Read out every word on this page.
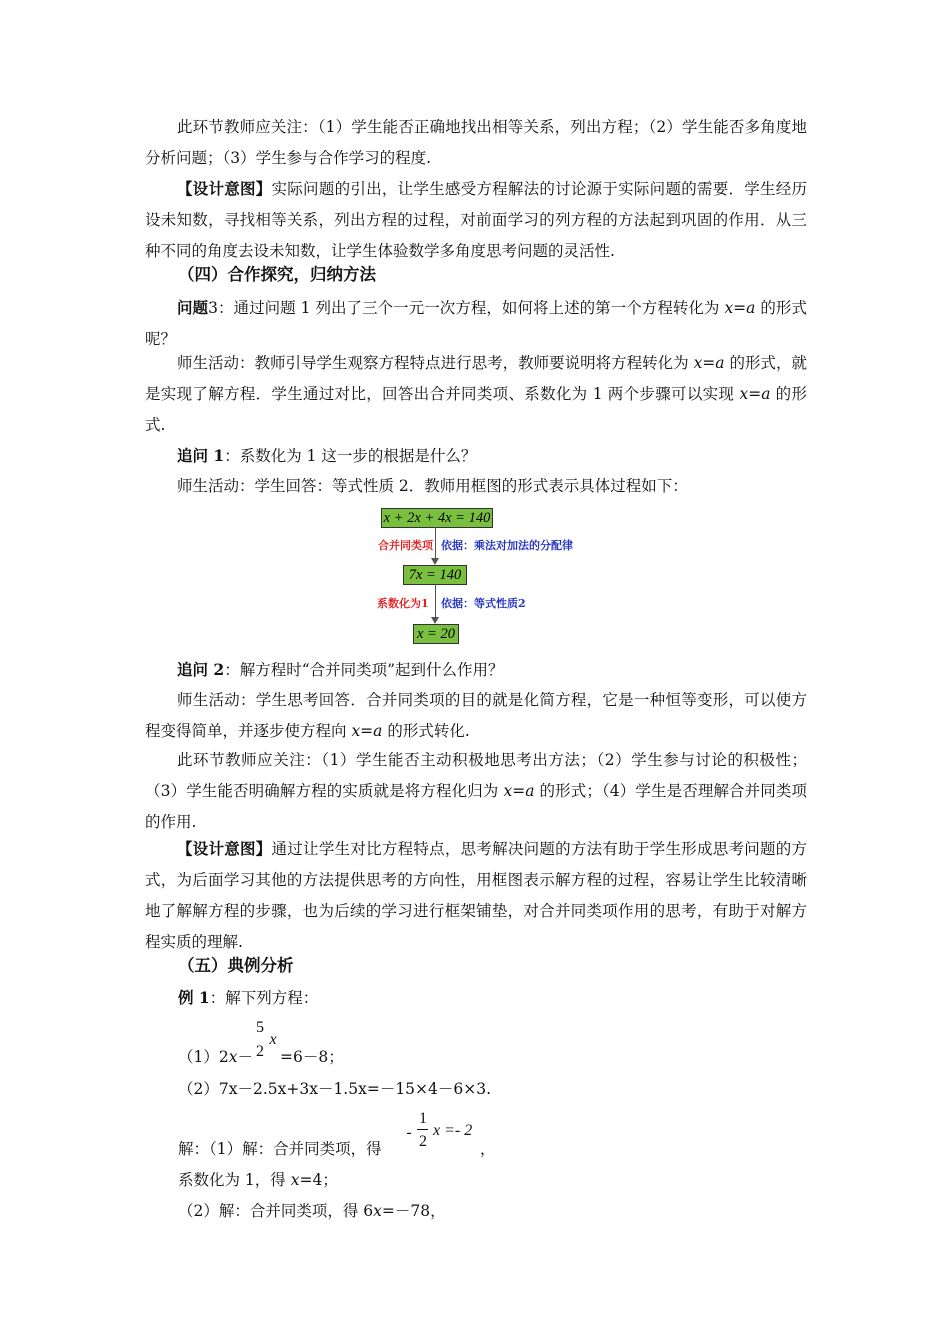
此环节教师应关注：（1）学生能否正确地找出相等关系，列出方程；（2）学生能否多角度地分析问题；（3）学生参与合作学习的程度.
【设计意图】实际问题的引出，让学生感受方程解法的讨论源于实际问题的需要．学生经历设未知数，寻找相等关系，列出方程的过程，对前面学习的列方程的方法起到巩固的作用．从三种不同的角度去设未知数，让学生体验数学多角度思考问题的灵活性.
（四）合作探究，归纳方法
问题3：通过问题 1 列出了三个一元一次方程，如何将上述的第一个方程转化为 x=a 的形式呢？
师生活动：教师引导学生观察方程特点进行思考，教师要说明将方程转化为 x=a 的形式，就是实现了解方程．学生通过对比，回答出合并同类项、系数化为 1 两个步骤可以实现 x=a 的形式.
追问 1：系数化为 1 这一步的根据是什么？
师生活动：学生回答：等式性质 2．教师用框图的形式表示具体过程如下：
x + 2x + 4x = 140
合并同类项 依据：乘法对加法的分配律
7x = 140
系数化为1 依据：等式性质2
x = 20
追问 2：解方程时“合并同类项”起到什么作用？
师生活动：学生思考回答．合并同类项的目的就是化简方程，它是一种恒等变形，可以使方程变得简单，并逐步使方程向 x=a 的形式转化.
此环节教师应关注：（1）学生能否主动积极地思考出方法；（2）学生参与讨论的积极性；（3）学生能否明确解方程的实质就是将方程化归为 x=a 的形式；（4）学生是否理解合并同类项的作用.
【设计意图】通过让学生对比方程特点，思考解决问题的方法有助于学生形成思考问题的方式，为后面学习其他的方法提供思考的方向性，用框图表示解方程的过程，容易让学生比较清晰地了解解方程的步骤，也为后续的学习进行框架铺垫，对合并同类项作用的思考，有助于对解方程实质的理解.
（五）典例分析
例 1：解下列方程：
（1）2x－
5
2
x
=6－8；
（2）7x－2.5x+3x－1.5x=－15×4－6×3.
解：（1）解：合并同类项，得
-
1
2
x =- 2
，
系数化为 1，得 x=4；
（2）解：合并同类项，得 6x=－78，
